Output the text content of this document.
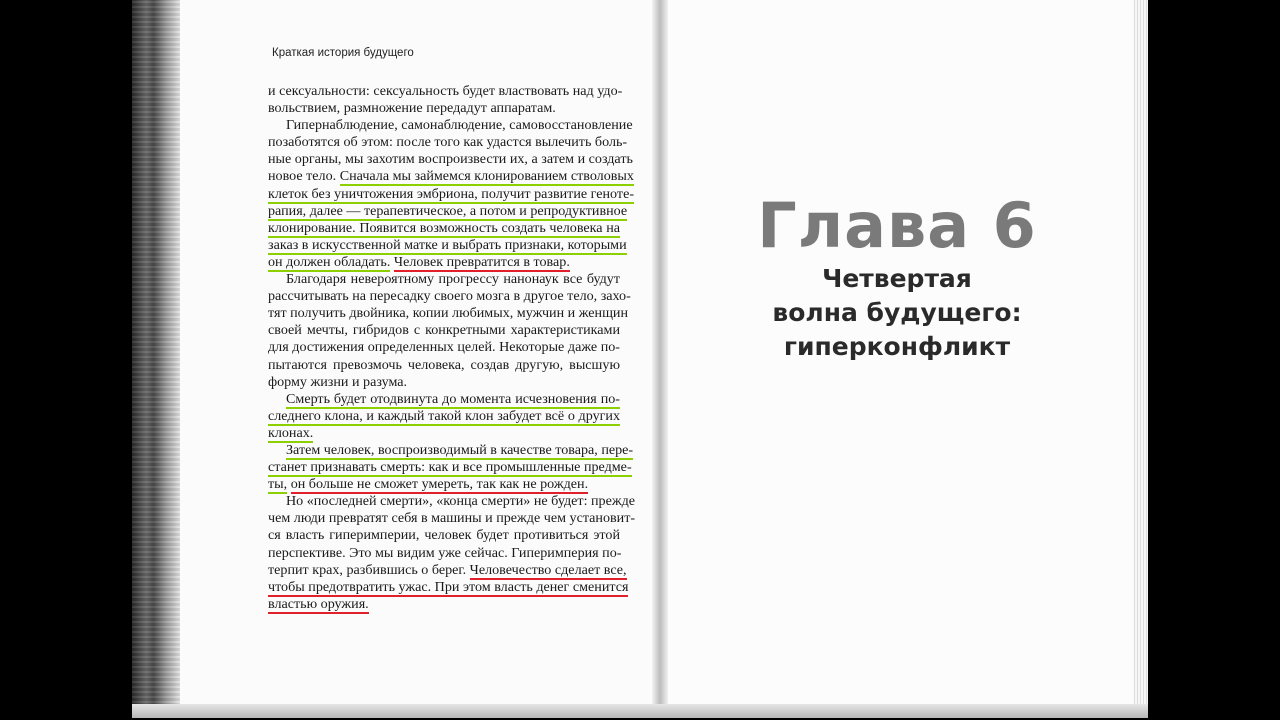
Краткая история будущего
и сексуальности: сексуальность будет властвовать над удо-
вольствием, размножение передадут аппаратам.
Гипернаблюдение, самонаблюдение, самовосстановление
позаботятся об этом: после того как удастся вылечить боль-
ные органы, мы захотим воспроизвести их, а затем и создать
новое тело. Сначала мы займемся клонированием стволовых
клеток без уничтожения эмбриона, получит развитие геноте-
рапия, далее — терапевтическое, а потом и репродуктивное
клонирование. Появится возможность создать человека на
заказ в искусственной матке и выбрать признаки, которыми
он должен обладать. Человек превратится в товар.
Благодаря невероятному прогрессу нанонаук все будут
рассчитывать на пересадку своего мозга в другое тело, захо-
тят получить двойника, копии любимых, мужчин и женщин
своей мечты, гибридов с конкретными характеристиками
для достижения определенных целей. Некоторые даже по-
пытаются превозмочь человека, создав другую, высшую
форму жизни и разума.
Смерть будет отодвинута до момента исчезновения по-
следнего клона, и каждый такой клон забудет всё о других
клонах.
Затем человек, воспроизводимый в качестве товара, пере-
станет признавать смерть: как и все промышленные предме-
ты, он больше не сможет умереть, так как не рожден.
Но «последней смерти», «конца смерти» не будет: прежде
чем люди превратят себя в машины и прежде чем установит-
ся власть гиперимперии, человек будет противиться этой
перспективе. Это мы видим уже сейчас. Гиперимперия по-
терпит крах, разбившись о берег. Человечество сделает все,
чтобы предотвратить ужас. При этом власть денег сменится
властью оружия.
Глава 6
Четвертая
волна будущего:
гиперконфликт
